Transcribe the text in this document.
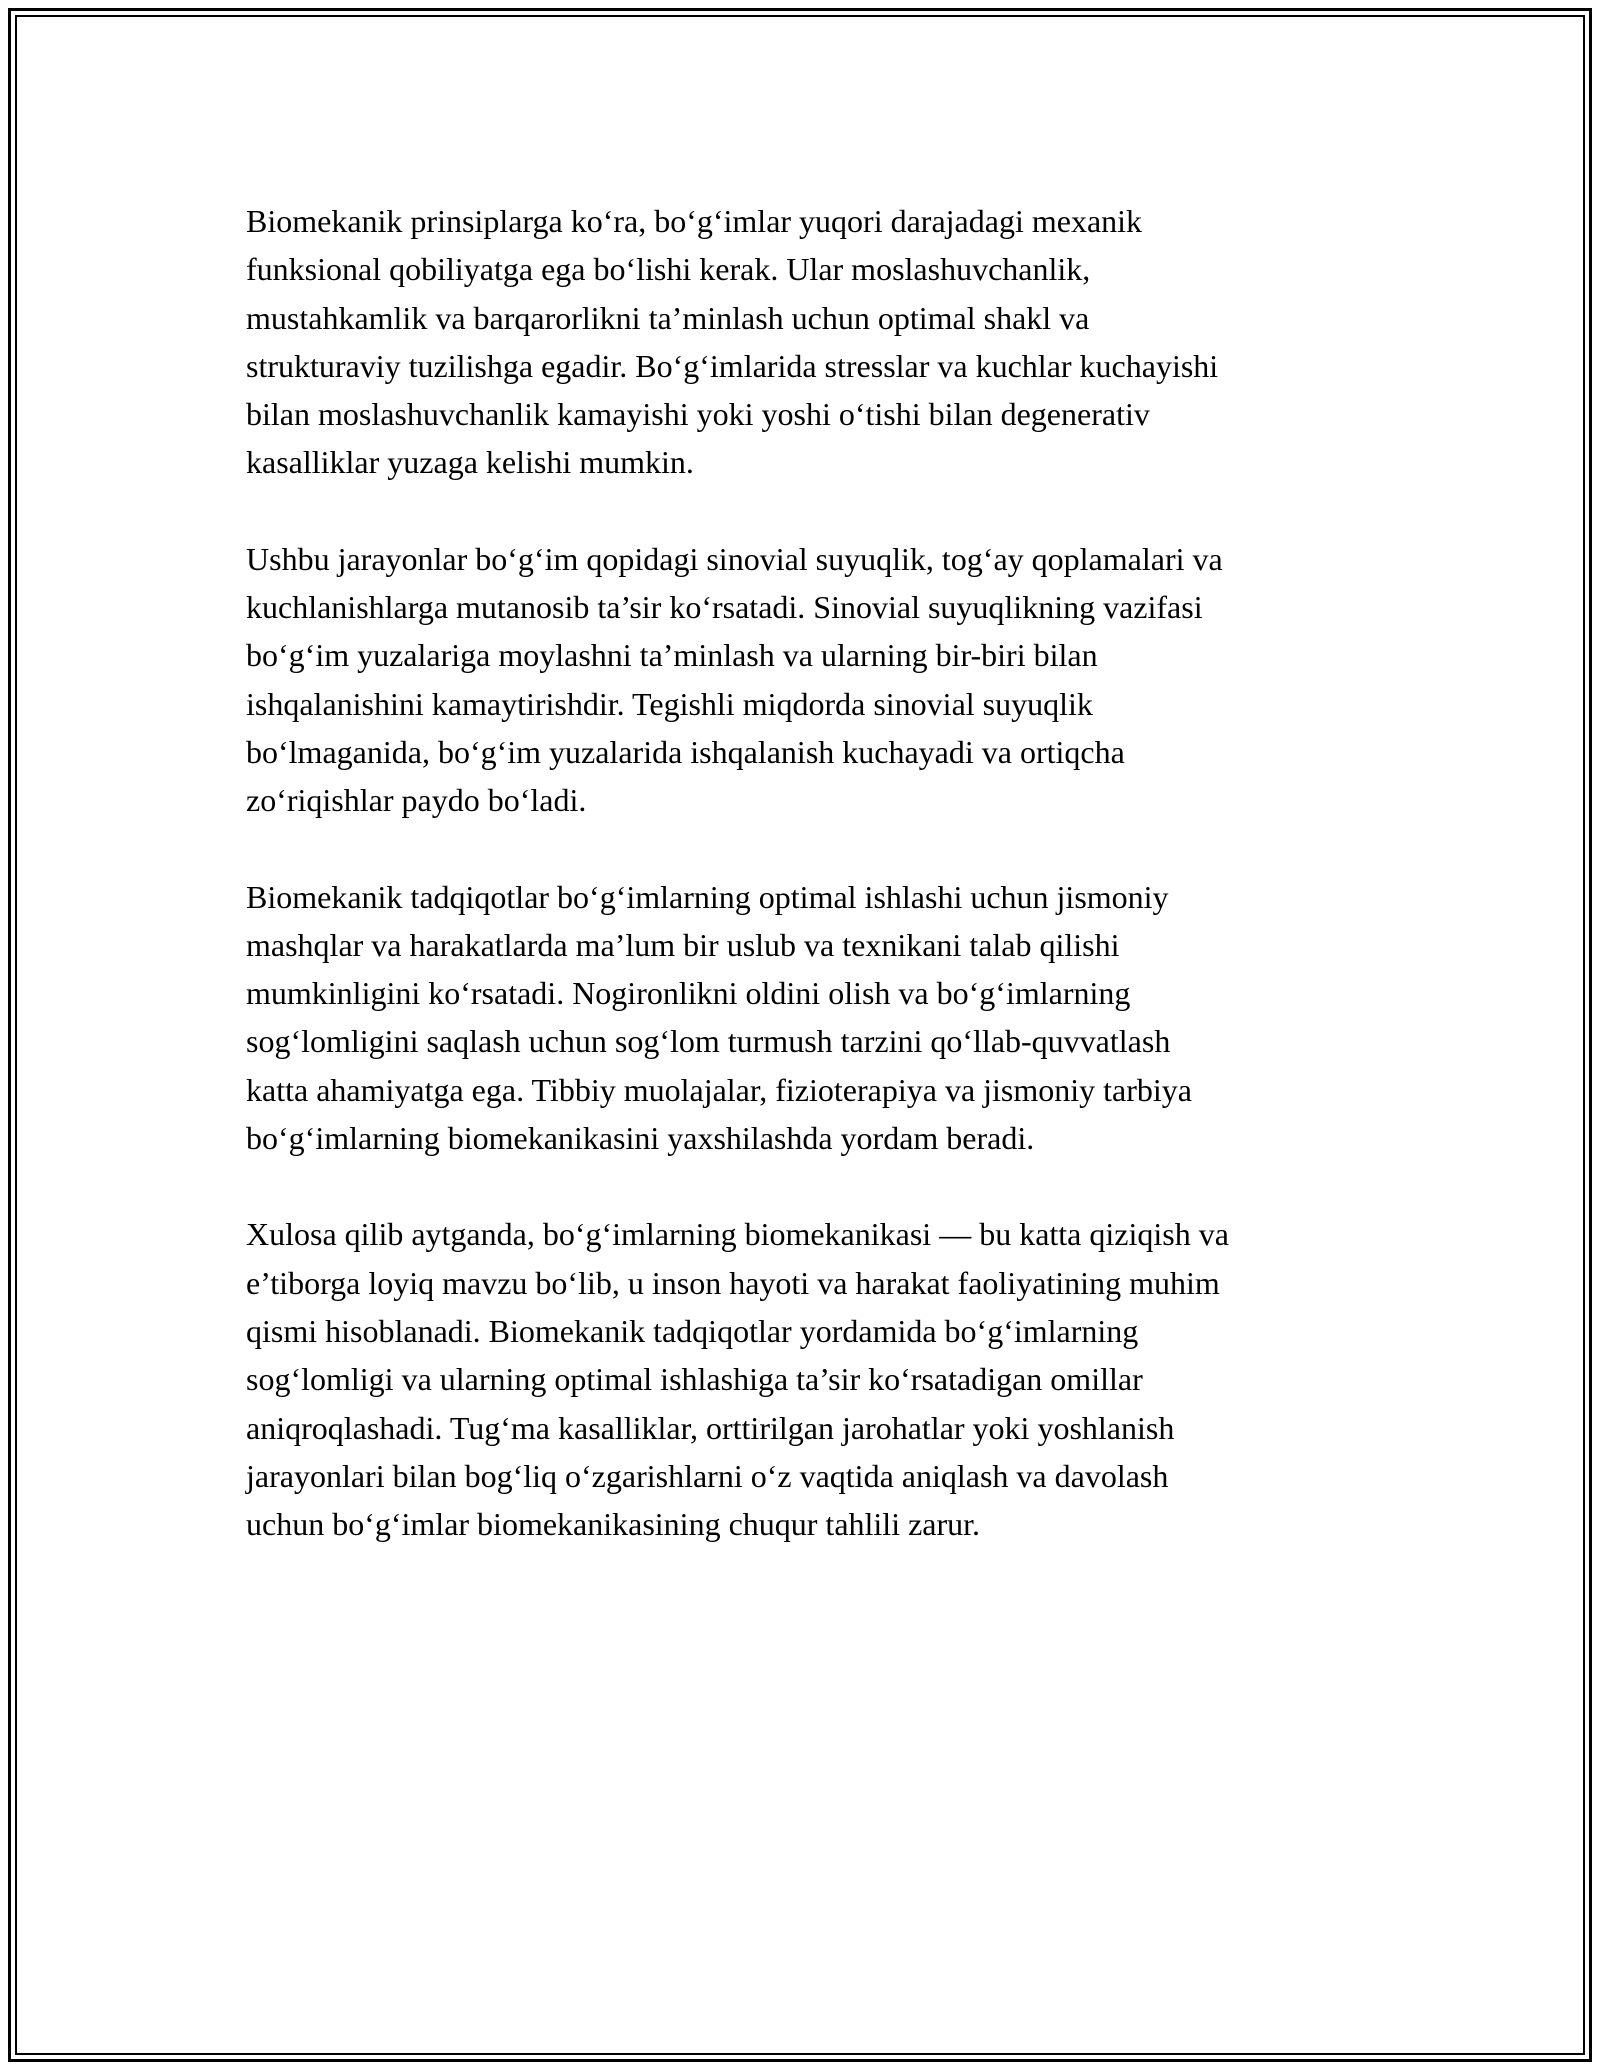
Biomekanik prinsiplarga ko‘ra, bo‘g‘imlar yuqori darajadagi mexanik
funksional qobiliyatga ega bo‘lishi kerak. Ular moslashuvchanlik,
mustahkamlik va barqarorlikni ta’minlash uchun optimal shakl va
strukturaviy tuzilishga egadir. Bo‘g‘imlarida stresslar va kuchlar kuchayishi
bilan moslashuvchanlik kamayishi yoki yoshi o‘tishi bilan degenerativ
kasalliklar yuzaga kelishi mumkin.

Ushbu jarayonlar bo‘g‘im qopidagi sinovial suyuqlik, tog‘ay qoplamalari va
kuchlanishlarga mutanosib ta’sir ko‘rsatadi. Sinovial suyuqlikning vazifasi
bo‘g‘im yuzalariga moylashni ta’minlash va ularning bir-biri bilan
ishqalanishini kamaytirishdir. Tegishli miqdorda sinovial suyuqlik
bo‘lmaganida, bo‘g‘im yuzalarida ishqalanish kuchayadi va ortiqcha
zo‘riqishlar paydo bo‘ladi.

Biomekanik tadqiqotlar bo‘g‘imlarning optimal ishlashi uchun jismoniy
mashqlar va harakatlarda ma’lum bir uslub va texnikani talab qilishi
mumkinligini ko‘rsatadi. Nogironlikni oldini olish va bo‘g‘imlarning
sog‘lomligini saqlash uchun sog‘lom turmush tarzini qo‘llab-quvvatlash
katta ahamiyatga ega. Tibbiy muolajalar, fizioterapiya va jismoniy tarbiya
bo‘g‘imlarning biomekanikasini yaxshilashda yordam beradi.

Xulosa qilib aytganda, bo‘g‘imlarning biomekanikasi — bu katta qiziqish va
e’tiborga loyiq mavzu bo‘lib, u inson hayoti va harakat faoliyatining muhim
qismi hisoblanadi. Biomekanik tadqiqotlar yordamida bo‘g‘imlarning
sog‘lomligi va ularning optimal ishlashiga ta’sir ko‘rsatadigan omillar
aniqroqlashadi. Tug‘ma kasalliklar, orttirilgan jarohatlar yoki yoshlanish
jarayonlari bilan bog‘liq o‘zgarishlarni o‘z vaqtida aniqlash va davolash
uchun bo‘g‘imlar biomekanikasining chuqur tahlili zarur.
